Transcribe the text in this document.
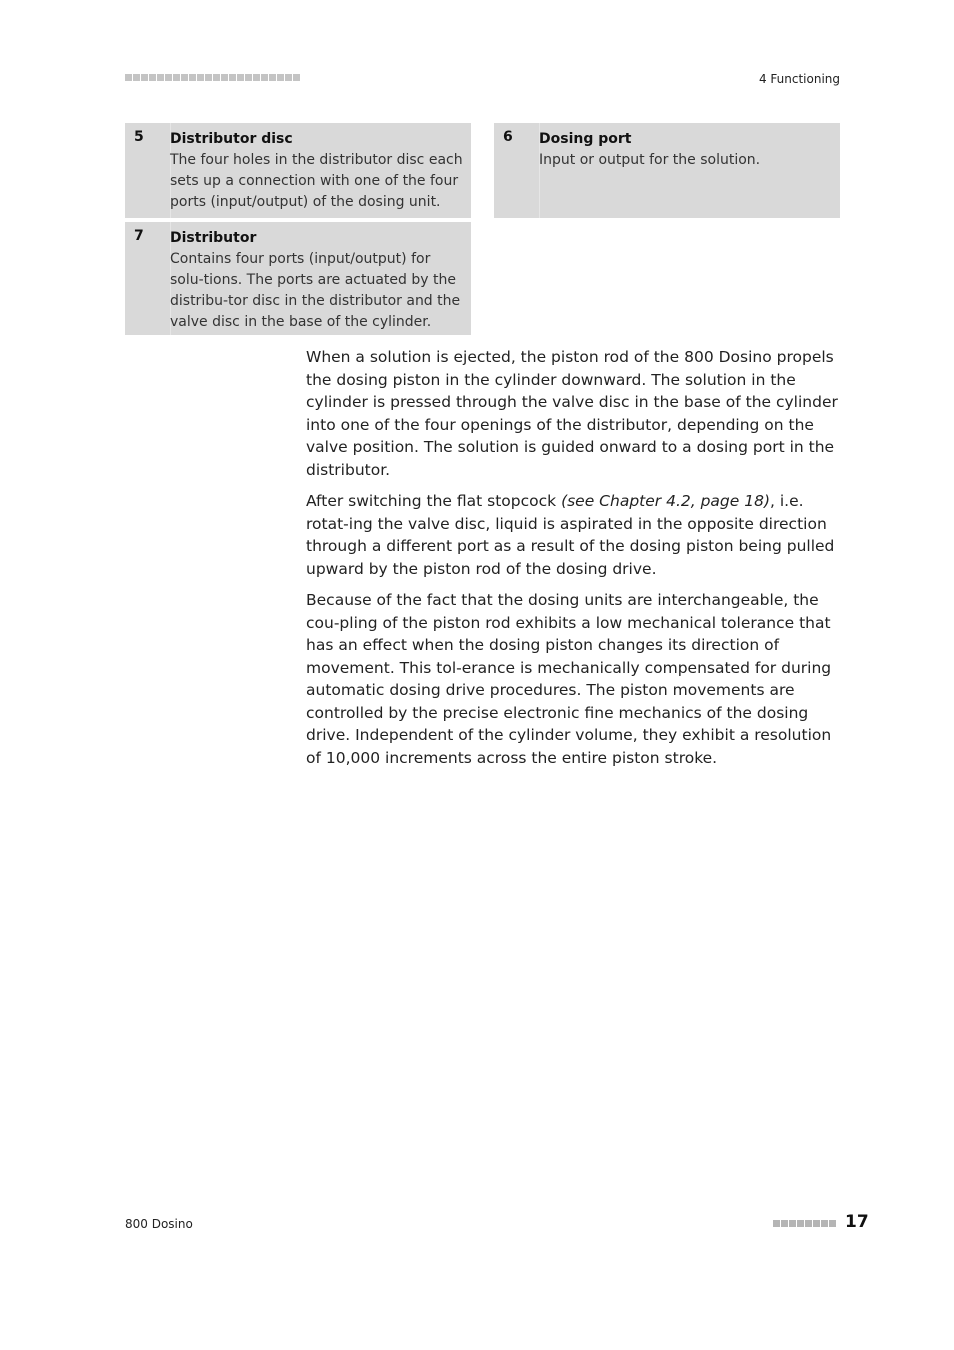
4 Functioning
5	Distributor disc
The four holes in the distributor disc each sets up a connection with one of the four ports (input/output) of the dosing unit.
6	Dosing port
Input or output for the solution.
7	Distributor
Contains four ports (input/output) for solu-tions. The ports are actuated by the distribu-tor disc in the distributor and the valve disc in the base of the cylinder.

When a solution is ejected, the piston rod of the 800 Dosino propels the dosing piston in the cylinder downward. The solution in the cylinder is pressed through the valve disc in the base of the cylinder into one of the four openings of the distributor, depending on the valve position. The solution is guided onward to a dosing port in the distributor.

After switching the flat stopcock (see Chapter 4.2, page 18), i.e. rotat-ing the valve disc, liquid is aspirated in the opposite direction through a different port as a result of the dosing piston being pulled upward by the piston rod of the dosing drive.

Because of the fact that the dosing units are interchangeable, the cou-pling of the piston rod exhibits a low mechanical tolerance that has an effect when the dosing piston changes its direction of movement. This tol-erance is mechanically compensated for during automatic dosing drive procedures. The piston movements are controlled by the precise electronic fine mechanics of the dosing drive. Independent of the cylinder volume, they exhibit a resolution of 10,000 increments across the entire piston stroke.

800 Dosino	17
